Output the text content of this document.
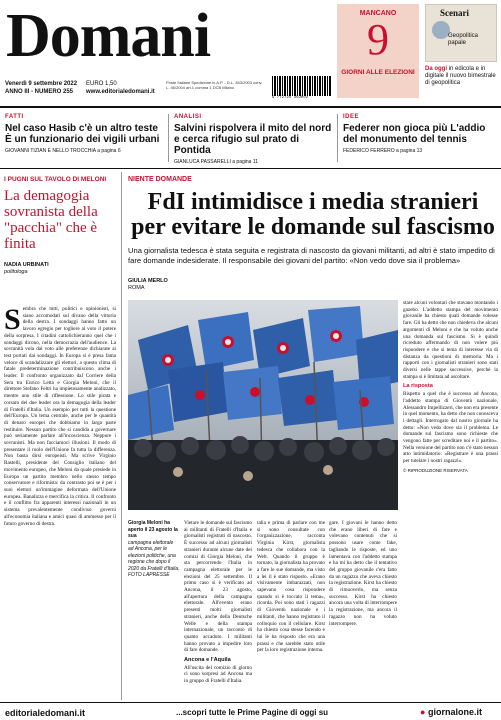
Domani	MANCANO
9
GIORNI ALLE ELEZIONI
Scenari
Geopolitica papale
Da oggi in edicola e in digitale il nuovo bimestrale di geopolitica
Venerdì 9 settembre 2022
ANNO III - NUMERO 255
EURO 1,50
www.editorialedomani.it
Poste Italiane Spedizione in A.P. - D.L. 353/2003 conv. L. 46/2004 art.1 comma 1 DCB Milano
9 772724 359002
FATTI
Nel caso Hasib c'è un altro teste È un funzionario dei vigili urbani
GIOVANNI TIZIAN E NELLO TROCCHIA a pagina 6
ANALISI
Salvini rispolvera il mito del nord e cerca rifugio sul prato di Pontida
GIANLUCA PASSARELLI a pagina 11
IDEE
Federer non gioca più L'addio del monumento del tennis
FEDERICO FERRERO a pagina 13
I PUGNI SUL TAVOLO DI MELONI
La demagogia sovranista della "pacchia" che è finita
NADIA URBINATI
politologa
Sembra che tutti, politici e opinionisti, si siano accomodati sul divano della vittoria della destra. I sondaggi hanno fatto un lavoro egregio per togliere al voto il potere della sorpresa. I citadini cattolichieranno quel che i sondaggi dicono, nella democrazia dell'audience. La sovranità vola dal voto alle preferenze dichiarate ai test portati dai sondaggi. In Europa si è presa fama veloce di scandalizzare gli elettori, a questo clima di fatale predeterminazione contribuiscono anche i leader. Il confronto organizzato dal Corriere della Sera tra Enrico Letta e Giorgia Meloni, che il direttore Stefano Feltri ha impietosamente analizzato, mentre uno stile di riflessione. Lo stile pirata e corsaro dei due leader ora la demagogia della leader di Fratelli d'Italia. Un esempio per tutti la questione dell'Europa. Un tema centrale, anche per le quantità di denaro europei che dobbiamo in larga parte restituire. Nessun partito che si candida a governare può seriamente parlare all'incoscienza. Neppure i sovranisti. Ma non facciamoci illusioni. Il modo di presentare il ruolo dell'Unione fa tutta la differenza. Non basta dirsi europeisti. Ma scrive Virginio Rastelli, presidente del Consiglio italiano del movimento europeo, che Meloni da quale presiede in Europa un partito membro nello stesso tempo conservatore e riformista: da contrasto poi se è per i suoi elettori un'immagine deformata dell'Unione europea. Banalizza e mercifica la critica. Il confronto e il conflitto fra apparenti interessi nazionali in un sistema prevalentemente condiviso governi all'economia italiana e amici quasi di ammesso per il futuro governo di destra.
NIENTE DOMANDE
FdI intimidisce i media stranieri per evitare le domande sul fascismo
Una giornalista tedesca è stata seguita e registrata di nascosto da giovani militanti, ad altri è stato impedito di fare domande indesiderate. Il responsabile dei giovani del partito: «Non vedo dove sia il problema»
GIULIA MERLO
ROMA
Giorgia Meloni ha aperto il 23 agosto la sua
campagna elettorale ad Ancona, per le elezioni politiche, una regione che dopo il 2020 da Fratelli d'Italia. FOTO LAPRESSE
Vietare le domande sul fascismo ai militanti di Fratelli d'Italia e giornalisti registrati di nascosto. È successo ad alcuni giornalisti stranieri durante alcune date dei comizi di Giorgia Meloni, che sta percorrendo l'Italia in campagna elettorale per le elezioni del 25 settembre. Il primo caso si è verificato ad Ancona, il 23 agosto, all'apertura della campagna elettorale. All'evento erano presenti molti giornalisti stranieri, anche della Deutsche Welle e della stampa internazionale, un racconto di quanto accaduto. I militanti hanno provato a impedire loro di fare domande.
Ancona e l'Aquila
All'uscita del comizio di giorno ci sono sorpresi ad Ancona ma in gruppo di Fratelli d'Italia.
talia e prima di parlare con me si sono consultate con l'organizzazione, racconta Virginia Kirst, giornalista tedesca che collabora con la Welt. Quando il gruppo è tornato, la giornalista ha provato a fare le sue domande, ma visto a lei il è stato risposto. «Erano visivamente imbarazzati, non sapevano cosa rispondere quando si è toccato il tema», ricorda. Poi sono stati i ragazzi di Gioventù nazionale e i militanti, che hanno registrato il colloquio con il cellulare. Kirst ha chiesto cosa stesse facendo e lui le ha risposto che era una prassi e che sarebbe stato utile per la loro registrazione interna.
gare. I giovani le hanno detto che erano liberi di fare e volevano contenuti che si possono usare come fake, tagliando le risposte, ed uno lamentava con l'addetto stampa e ha mi ha detto che il tentativo del gruppo giovanile c'era fatto da un ragazzo che aveva chiesto la registrazione. Kirst ha chiesto di rimuoverlo, ma senza successo. Kirst ha chiesto ancora una volta di interrompere la registrazione, ma ancora il ragazzo non ha voluto interrompere.
stare alcuni volontari che stavano montando i gazebo. L'addetto stampa del movimento giovanile ha chiesto quali domande volesse fare. Gli ha detto che non chiedeva che alcuni argomenti di Meloni e che ha voluto anche una domanda sul fascismo. Si è quindi ricreduto affermando di non volere più rispondere e che si tema di interesse via di distanza da questioni di memoria. Ma i rapporti con i giornalisti stranieri sono stati diversi nelle tappe successive, perché la stampa si è limitata ad ascoltare.
La risposta
Rispetto a quel che è successo ad Ancona, l'addetto stampa di Gioventù nazionale, Alessandro Impellizzeri, che non era presente in quel momento, ha detto che non conosceva i dettagli. Interrogato dal nostro giornale ha detto: «Non vedo dove sia il problema. Le domande sul fascismo sono richieste che vengono fatte per screditare noi e il partito». Nella versione del partito non c'è stato nessun atto intimidatorio: «Registrare è una prassi per tutelare i nostri ragazzi».
© RIPRODUZIONE RISERVATA
editorialedomani.it	...scopri tutte le Prime Pagine di oggi su	● giornalone.it
